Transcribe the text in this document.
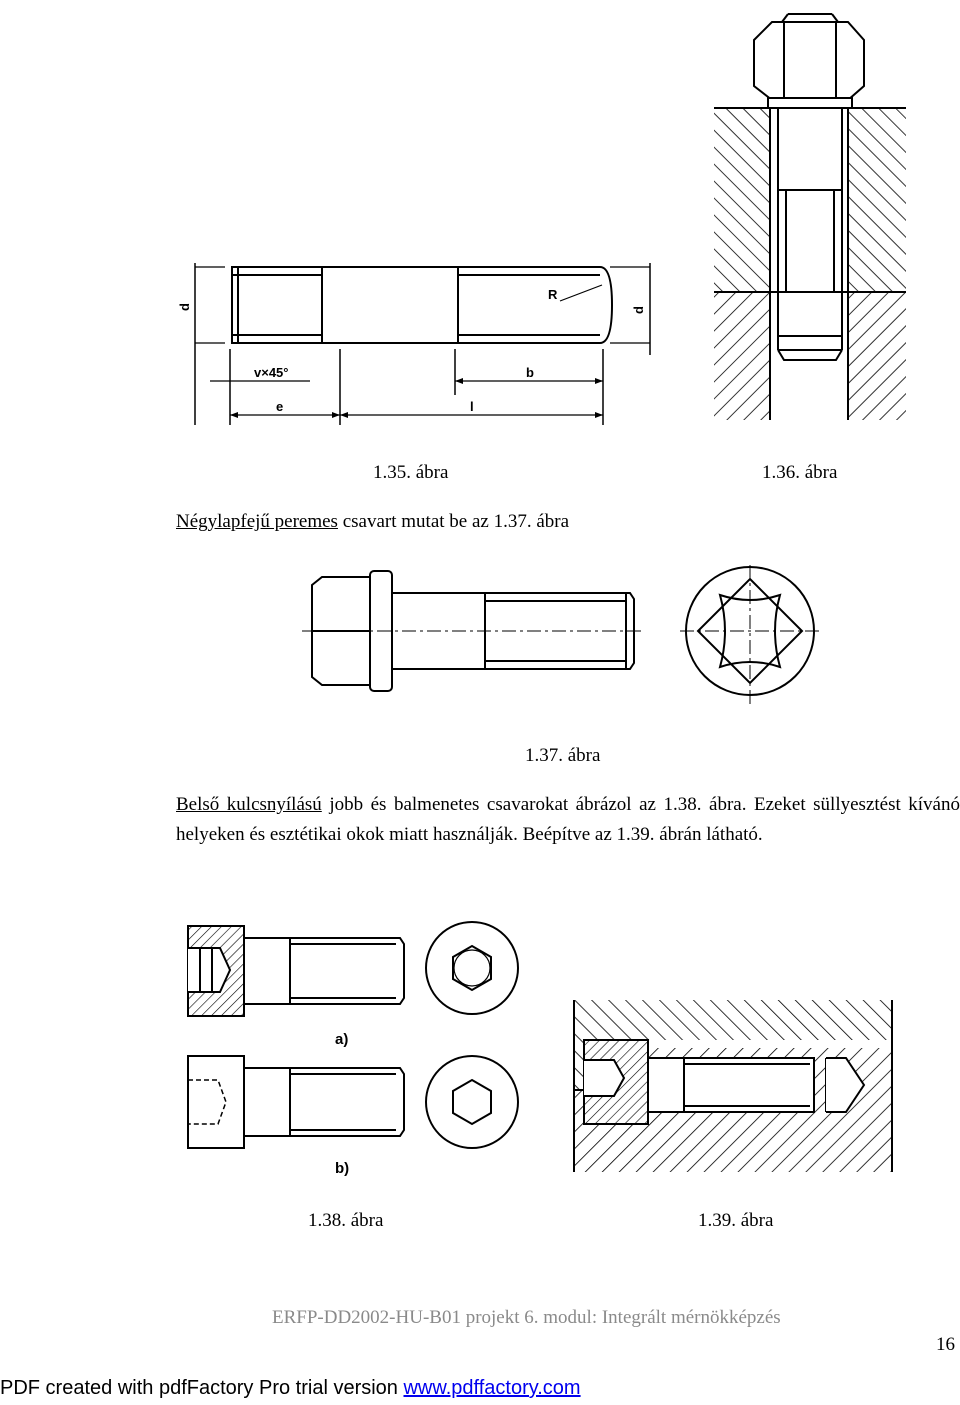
d	d
R
v×45°	b
e	l
1.35. ábra	1.36. ábra
Négylapfejű peremes csavart mutat be az 1.37. ábra
1.37. ábra
Belső kulcsnyílású jobb és balmenetes csavarokat ábrázol az 1.38. ábra. Ezeket süllyesztést kívánó helyeken és esztétikai okok miatt használják. Beépítve az 1.39. ábrán látható.
a)
b)
1.38. ábra	1.39. ábra
ERFP-DD2002-HU-B01 projekt 6. modul: Integrált mérnökképzés
16
PDF created with pdfFactory Pro trial version www.pdffactory.com
